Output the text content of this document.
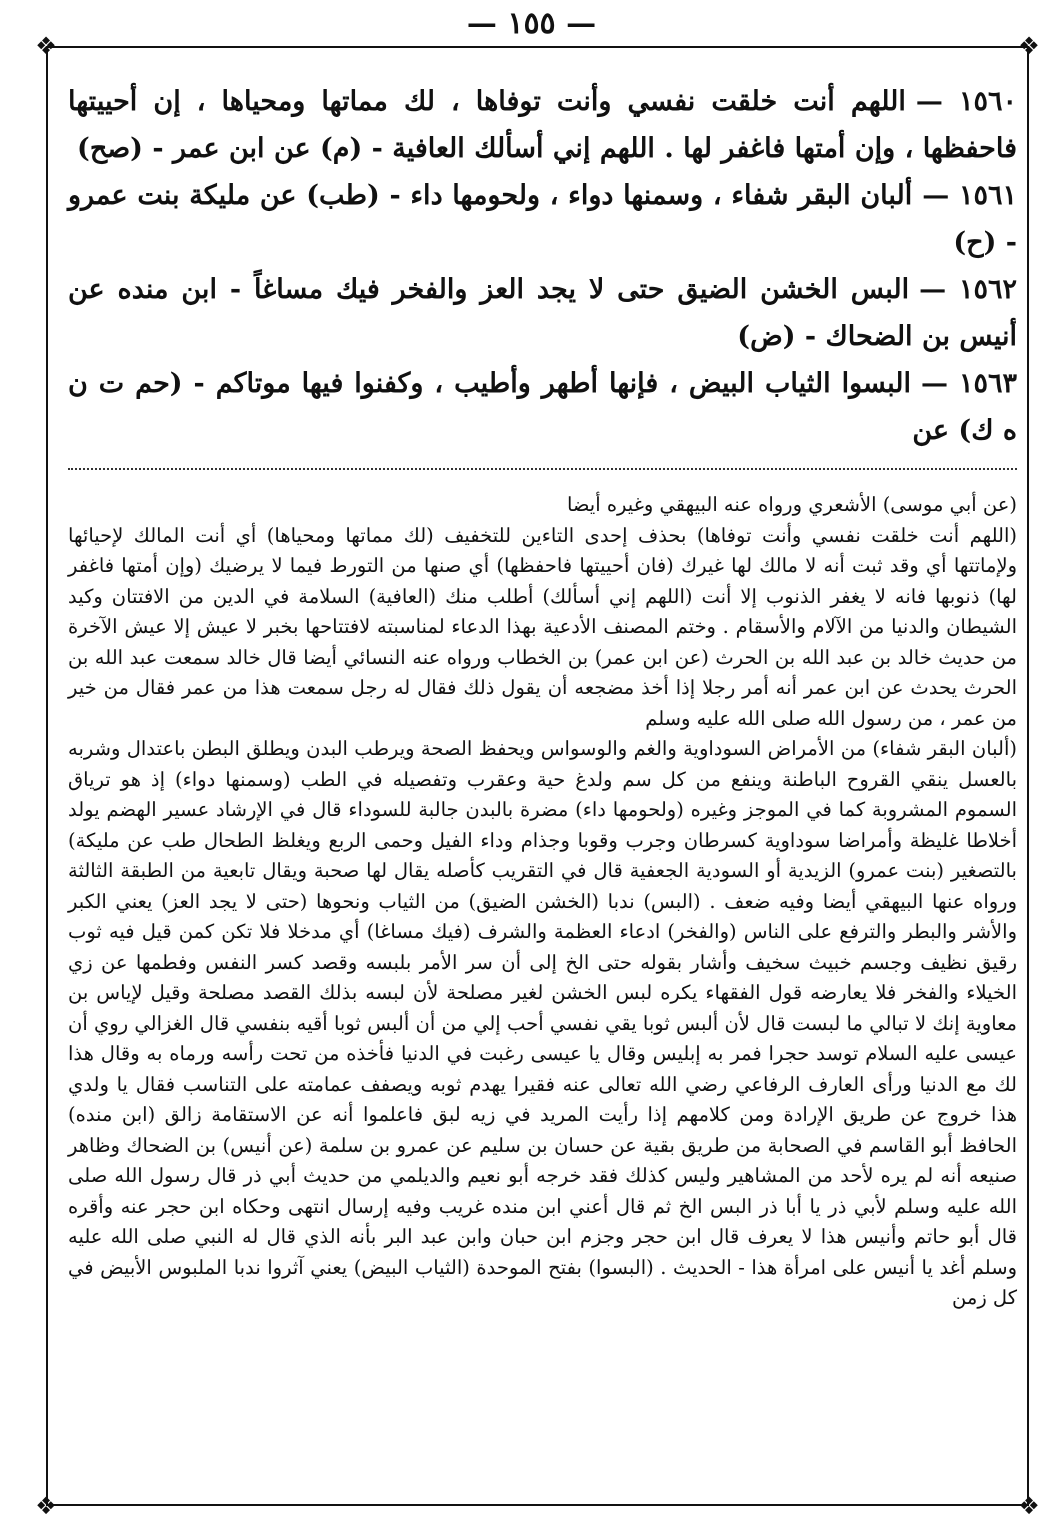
— ١٥٥ —
❖	❖
❖	❖

١٥٦٠ —اللهم أنت خلقت نفسي وأنت توفاها ، لك مماتها ومحياها ، إن أحييتها فاحفظها ، وإن أمتها فاغفر لها . اللهم إني أسألك العافية - (م) عن ابن عمر - (صح)

١٥٦١ —ألبان البقر شفاء ، وسمنها دواء ، ولحومها داء - (طب) عن مليكة بنت عمرو - (ح)

١٥٦٢ —البس الخشن الضيق حتى لا يجد العز والفخر فيك مساغاً - ابن منده عن أنيس بن الضحاك - (ض)

١٥٦٣ —البسوا الثياب البيض ، فإنها أطهر وأطيب ، وكفنوا فيها موتاكم - (حم ت ن ه ك) عن

(عن أبي موسى) الأشعري ورواه عنه البيهقي وغيره أيضا

(اللهم أنت خلقت نفسي وأنت توفاها) بحذف إحدى التاءين للتخفيف (لك مماتها ومحياها) أي أنت المالك لإحيائها ولإماتتها أي وقد ثبت أنه لا مالك لها غيرك (فان أحييتها فاحفظها) أي صنها من التورط فيما لا يرضيك (وإن أمتها فاغفر لها) ذنوبها فانه لا يغفر الذنوب إلا أنت (اللهم إني أسألك) أطلب منك (العافية) السلامة في الدين من الافتتان وكيد الشيطان والدنيا من الآلام والأسقام . وختم المصنف الأدعية بهذا الدعاء لمناسبته لافتتاحها بخبر لا عيش إلا عيش الآخرة من حديث خالد بن عبد الله بن الحرث (عن ابن عمر) بن الخطاب ورواه عنه النسائي أيضا قال خالد سمعت عبد الله بن الحرث يحدث عن ابن عمر أنه أمر رجلا إذا أخذ مضجعه أن يقول ذلك فقال له رجل سمعت هذا من عمر فقال من خير من عمر ، من رسول الله صلى الله عليه وسلم

(ألبان البقر شفاء) من الأمراض السوداوية والغم والوسواس ويحفظ الصحة ويرطب البدن ويطلق البطن باعتدال وشربه بالعسل ينقي القروح الباطنة وينفع من كل سم ولدغ حية وعقرب وتفصيله في الطب (وسمنها دواء) إذ هو ترياق السموم المشروبة كما في الموجز وغيره (ولحومها داء) مضرة بالبدن جالبة للسوداء قال في الإرشاد عسير الهضم يولد أخلاطا غليظة وأمراضا سوداوية كسرطان وجرب وقوبا وجذام وداء الفيل وحمى الربع ويغلظ الطحال طب عن مليكة) بالتصغير (بنت عمرو) الزيدية أو السودية الجعفية قال في التقريب كأصله يقال لها صحبة ويقال تابعية من الطبقة الثالثة ورواه عنها البيهقي أيضا وفيه ضعف . (البس) ندبا (الخشن الضيق) من الثياب ونحوها (حتى لا يجد العز) يعني الكبر والأشر والبطر والترفع على الناس (والفخر) ادعاء العظمة والشرف (فيك مساغا) أي مدخلا فلا تكن كمن قيل فيه ثوب رقيق نظيف وجسم خبيث سخيف وأشار بقوله حتى الخ إلى أن سر الأمر بلبسه وقصد كسر النفس وفطمها عن زي الخيلاء والفخر فلا يعارضه قول الفقهاء يكره لبس الخشن لغير مصلحة لأن لبسه بذلك القصد مصلحة وقيل لإياس بن معاوية إنك لا تبالي ما لبست قال لأن ألبس ثوبا يقي نفسي أحب إلي من أن ألبس ثوبا أقيه بنفسي قال الغزالي روي أن عيسى عليه السلام توسد حجرا فمر به إبليس وقال يا عيسى رغبت في الدنيا فأخذه من تحت رأسه ورماه به وقال هذا لك مع الدنيا ورأى العارف الرفاعي رضي الله تعالى عنه فقيرا يهدم ثوبه ويصفف عمامته على التناسب فقال يا ولدي هذا خروج عن طريق الإرادة ومن كلامهم إذا رأيت المريد في زيه لبق فاعلموا أنه عن الاستقامة زالق (ابن منده) الحافظ أبو القاسم في الصحابة من طريق بقية عن حسان بن سليم عن عمرو بن سلمة (عن أنيس) بن الضحاك وظاهر صنيعه أنه لم يره لأحد من المشاهير وليس كذلك فقد خرجه أبو نعيم والديلمي من حديث أبي ذر قال رسول الله صلى الله عليه وسلم لأبي ذر يا أبا ذر البس الخ ثم قال أعني ابن منده غريب وفيه إرسال انتهى وحكاه ابن حجر عنه وأقره قال أبو حاتم وأنيس هذا لا يعرف قال ابن حجر وجزم ابن حبان وابن عبد البر بأنه الذي قال له النبي صلى الله عليه وسلم أغد يا أنيس على امرأة هذا - الحديث . (البسوا) بفتح الموحدة (الثياب البيض) يعني آثروا ندبا الملبوس الأبيض في كل زمن
